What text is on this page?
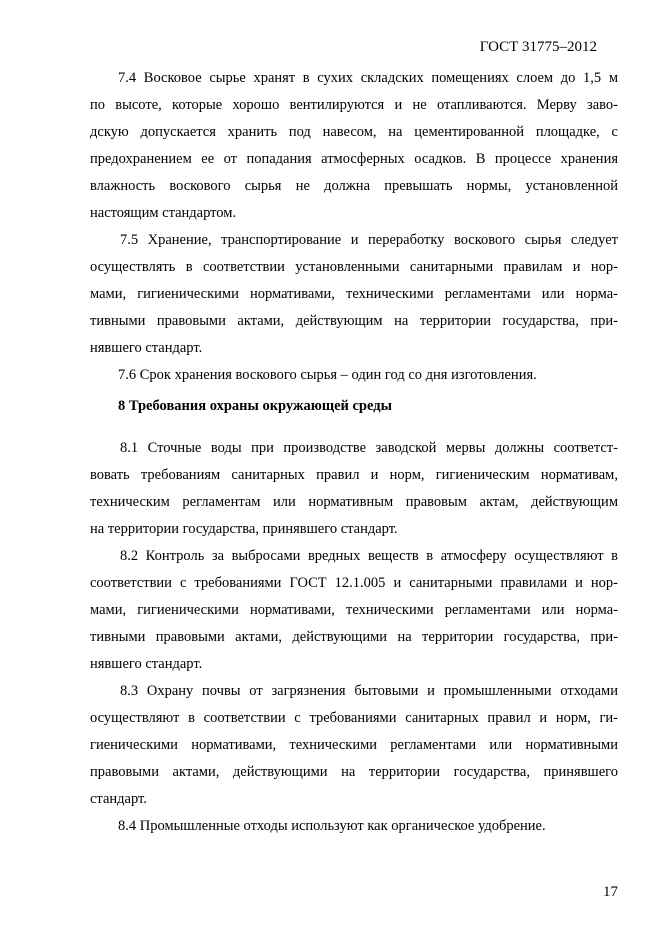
ГОСТ 31775–2012
7.4 Восковое сырье хранят в сухих складских помещениях слоем до 1,5 м
по высоте, которые хорошо вентилируются и не отапливаются. Мерву заво-
дскую допускается хранить под навесом, на цементированной площадке, с
предохранением ее от попадания атмосферных осадков. В процессе хранения
влажность воскового сырья не должна превышать нормы, установленной
настоящим стандартом.
7.5 Хранение, транспортирование и переработку воскового сырья следует
осуществлять в соответствии установленными санитарными правилам и нор-
мами, гигиеническими нормативами, техническими регламентами или норма-
тивными правовыми актами, действующим на территории государства, при-
нявшего стандарт.
7.6 Срок хранения воскового сырья – один год со дня изготовления.
8 Требования охраны окружающей среды
8.1 Сточные воды при производстве заводской мервы должны соответст-
вовать требованиям санитарных правил и норм, гигиеническим нормативам,
техническим регламентам или нормативным правовым актам, действующим
на территории государства, принявшего стандарт.
8.2 Контроль за выбросами вредных веществ в атмосферу осуществляют в
соответствии с требованиями ГОСТ 12.1.005 и санитарными правилами и нор-
мами, гигиеническими нормативами, техническими регламентами или норма-
тивными правовыми актами, действующими на территории государства, при-
нявшего стандарт.
8.3 Охрану почвы от загрязнения бытовыми и промышленными отходами
осуществляют в соответствии с требованиями санитарных правил и норм, ги-
гиеническими нормативами, техническими регламентами или нормативными
правовыми актами, действующими на территории государства, принявшего
стандарт.
8.4 Промышленные отходы используют как органическое удобрение.
17
